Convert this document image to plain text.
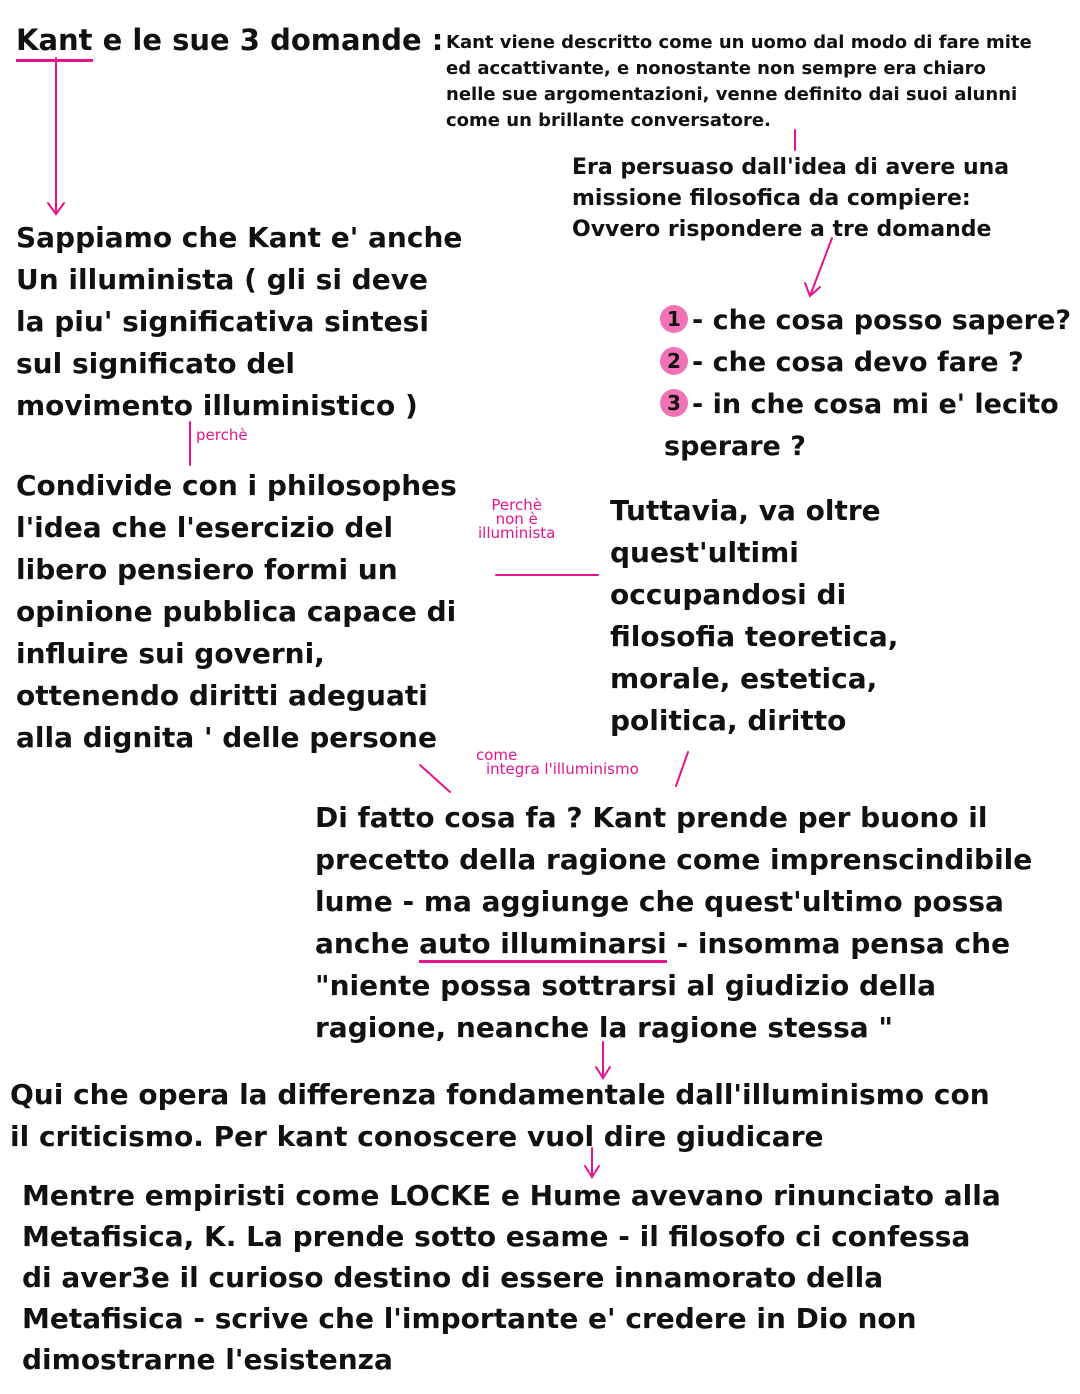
Kant e le sue 3 domande : Kant viene descritto come un uomo dal modo di fare mite
ed accattivante, e nonostante non sempre era chiaro
nelle sue argomentazioni, venne definito dai suoi alunni
come un brillante conversatore.
Era persuaso dall'idea di avere una
missione filosofica da compiere:
Ovvero rispondere a tre domande
Sappiamo che Kant e' anche
Un illuminista ( gli si deve
la piu' significativa sintesi
sul significato del
movimento illuministico )
1 - che cosa posso sapere?
2 - che cosa devo fare ?
3 - in che cosa mi e' lecito
sperare ?
perchè
Perchè
non è
illuminista
Condivide con i philosophes
l'idea che l'esercizio del
libero pensiero formi un
opinione pubblica capace di
influire sui governi,
ottenendo diritti adeguati
alla dignita ' delle persone
Tuttavia, va oltre
quest'ultimi
occupandosi di
filosofia teoretica,
morale, estetica,
politica, diritto
come
integra l'illuminismo
Di fatto cosa fa ? Kant prende per buono il
precetto della ragione come imprenscindibile
lume - ma aggiunge che quest'ultimo possa
anche auto illuminarsi - insomma pensa che
"niente possa sottrarsi al giudizio della
ragione, neanche la ragione stessa "
Qui che opera la differenza fondamentale dall'illuminismo con
il criticismo. Per kant conoscere vuol dire giudicare
Mentre empiristi come LOCKE e Hume avevano rinunciato alla
Metafisica, K. La prende sotto esame - il filosofo ci confessa
di aver3e il curioso destino di essere innamorato della
Metafisica - scrive che l'importante e' credere in Dio non
dimostrarne l'esistenza
